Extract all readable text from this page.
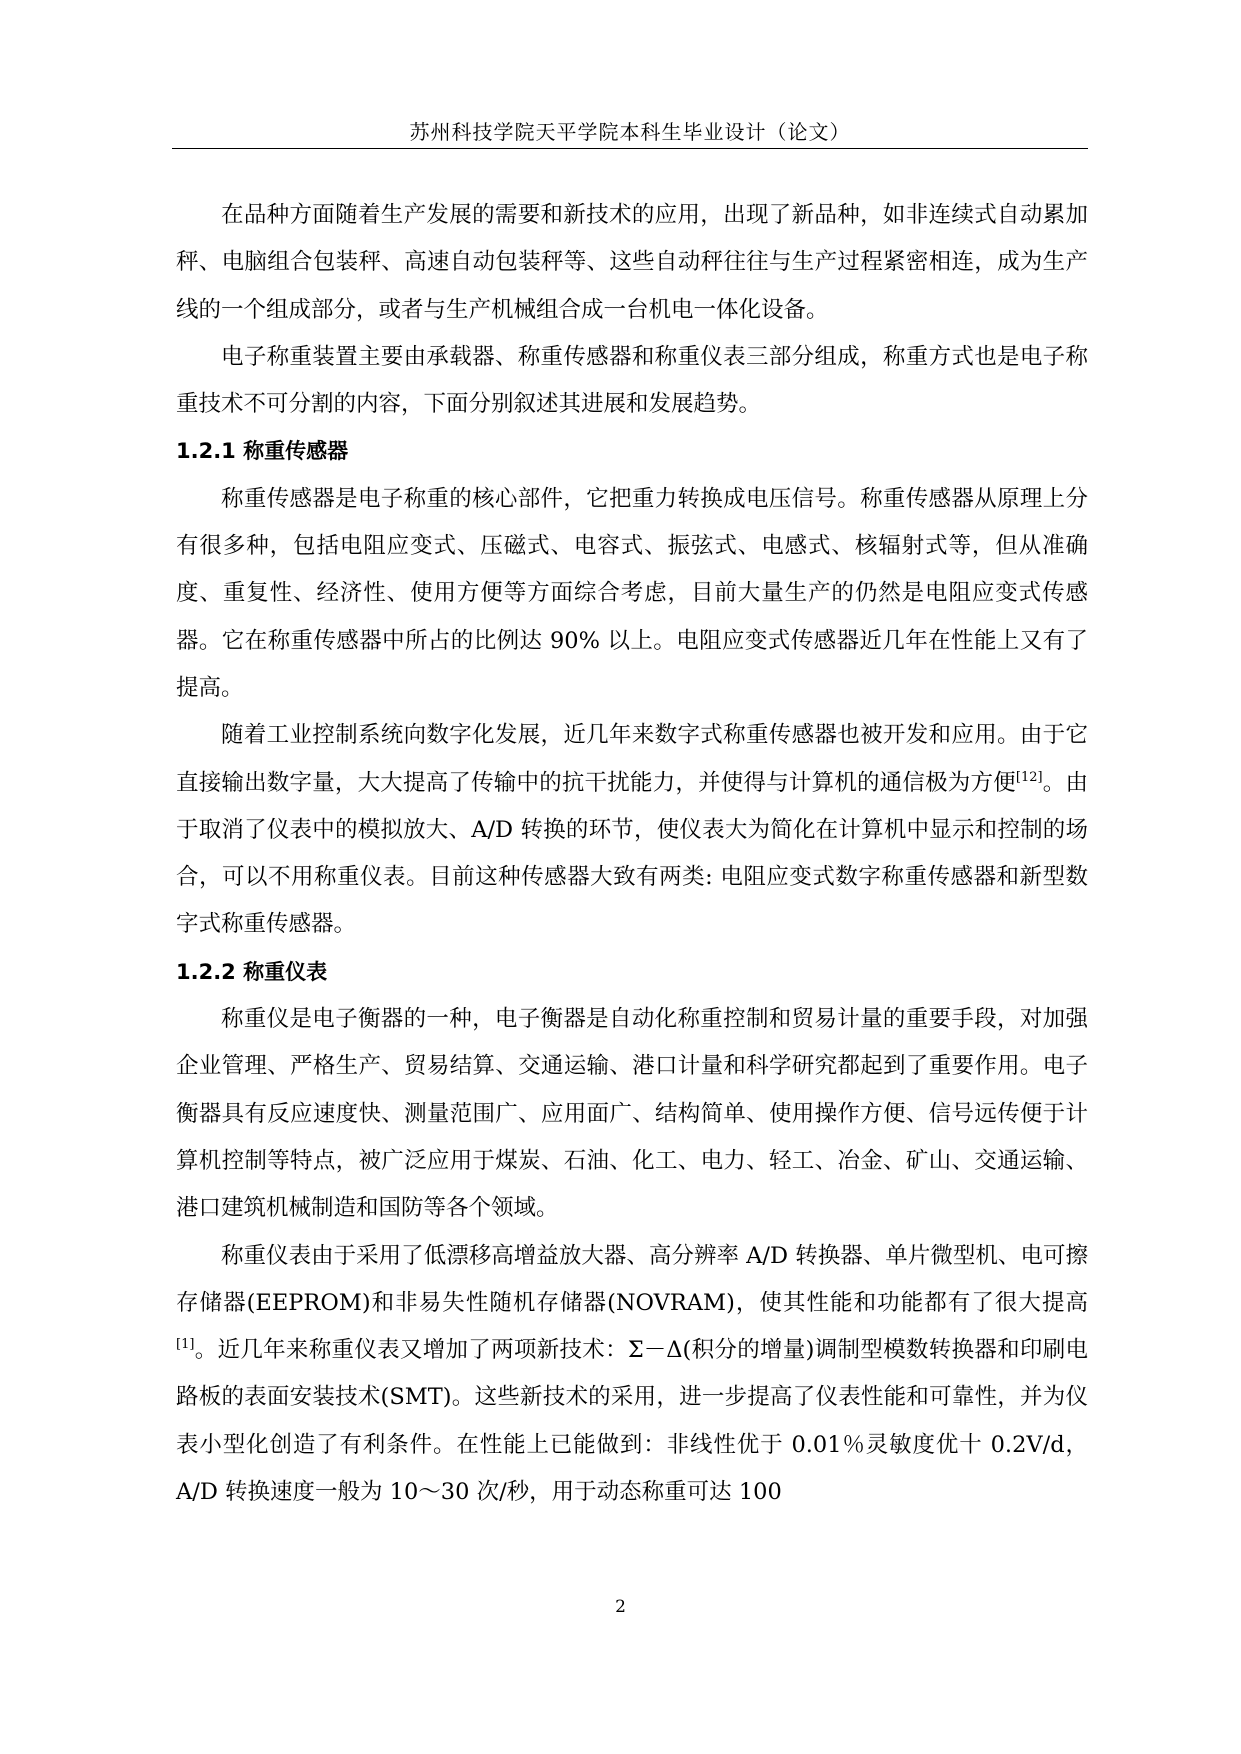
苏州科技学院天平学院本科生毕业设计（论文）

在品种方面随着生产发展的需要和新技术的应用，出现了新品种，如非连续式自动累加秤、电脑组合包装秤、高速自动包装秤等、这些自动秤往往与生产过程紧密相连，成为生产线的一个组成部分，或者与生产机械组合成一台机电一体化设备。

电子称重装置主要由承载器、称重传感器和称重仪表三部分组成，称重方式也是电子称重技术不可分割的内容，下面分别叙述其进展和发展趋势。

1.2.1 称重传感器

称重传感器是电子称重的核心部件，它把重力转换成电压信号。称重传感器从原理上分有很多种，包括电阻应变式、压磁式、电容式、振弦式、电感式、核辐射式等，但从准确度、重复性、经济性、使用方便等方面综合考虑，目前大量生产的仍然是电阻应变式传感器。它在称重传感器中所占的比例达 90% 以上。电阻应变式传感器近几年在性能上又有了提高。

随着工业控制系统向数字化发展，近几年来数字式称重传感器也被开发和应用。由于它直接输出数字量，大大提高了传输中的抗干扰能力，并使得与计算机的通信极为方便[12]。由于取消了仪表中的模拟放大、A/D 转换的环节，使仪表大为简化在计算机中显示和控制的场合，可以不用称重仪表。目前这种传感器大致有两类: 电阻应变式数字称重传感器和新型数字式称重传感器。

1.2.2 称重仪表

称重仪是电子衡器的一种，电子衡器是自动化称重控制和贸易计量的重要手段，对加强企业管理、严格生产、贸易结算、交通运输、港口计量和科学研究都起到了重要作用。电子衡器具有反应速度快、测量范围广、应用面广、结构简单、使用操作方便、信号远传便于计算机控制等特点，被广泛应用于煤炭、石油、化工、电力、轻工、冶金、矿山、交通运输、港口建筑机械制造和国防等各个领域。

称重仪表由于采用了低漂移高增益放大器、高分辨率 A/D 转换器、单片微型机、电可擦存储器(EEPROM)和非易失性随机存储器(NOVRAM)，使其性能和功能都有了很大提高[1]。近几年来称重仪表又增加了两项新技术：Σ－Δ(积分的增量)调制型模数转换器和印刷电路板的表面安装技术(SMT)。这些新技术的采用，进一步提高了仪表性能和可靠性，并为仪表小型化创造了有利条件。在性能上已能做到：非线性优于 0.01％灵敏度优十 0.2V/d，A/D 转换速度一般为 10～30 次/秒，用于动态称重可达 100

2
